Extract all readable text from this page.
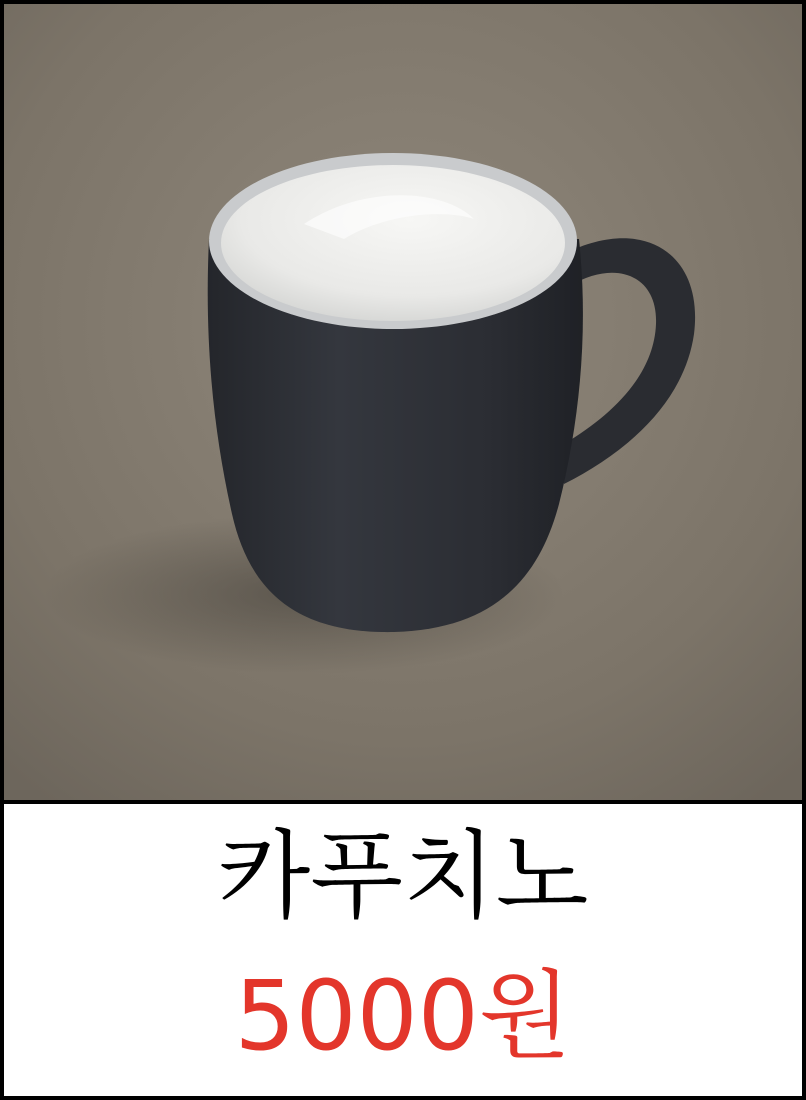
카푸치노
5000원
